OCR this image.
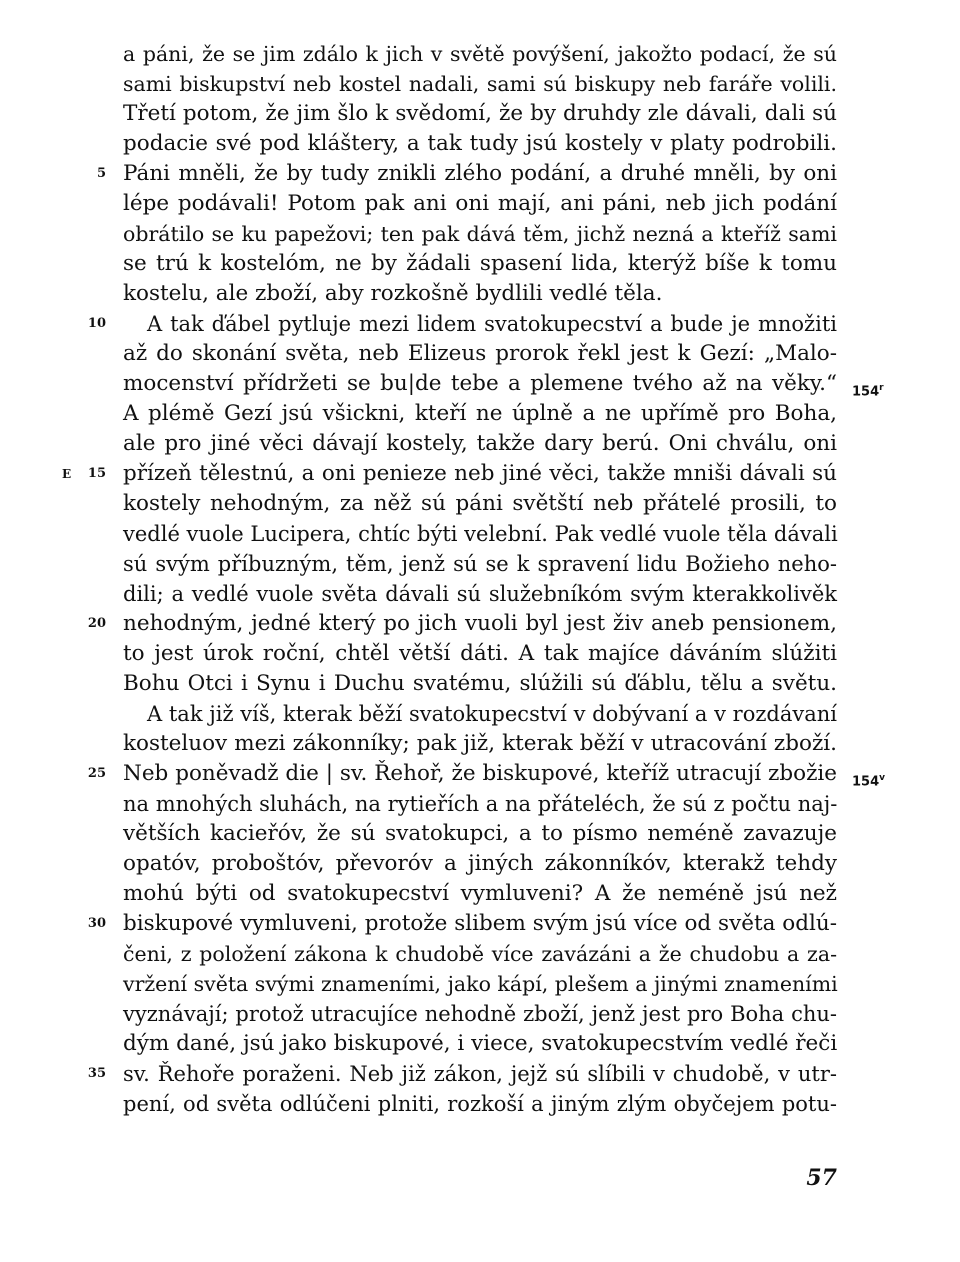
a páni, že se jim zdálo k jich v světě povýšení, jakožto podací, že sú
sami biskupství neb kostel nadali, sami sú biskupy neb faráře volili.
Třetí potom, že jim šlo k svědomí, že by druhdy zle dávali, dali sú
podacie své pod kláštery, a tak tudy jsú kostely v platy podrobili.
Páni mněli, že by tudy znikli zlého podání, a druhé mněli, by oni
lépe podávali! Potom pak ani oni mají, ani páni, neb jich podání
obrátilo se ku papežovi; ten pak dává těm, jichž nezná a kteříž sami
se trú k kostelóm, ne by žádali spasení lida, kterýž bíše k tomu
kostelu, ale zboží, aby rozkošně bydlili vedlé těla.
A tak ďábel pytluje mezi lidem svatokupecství a bude je množiti
až do skonání světa, neb Elizeus prorok řekl jest k Gezí: „Malo-
mocenství přídržeti se bu|de tebe a plemene tvého až na věky.“
A plémě Gezí jsú všickni, kteří ne úplně a ne upřímě pro Boha,
ale pro jiné věci dávají kostely, takže dary berú. Oni chválu, oni
přízeň tělestnú, a oni penieze neb jiné věci, takže mniši dávali sú
kostely nehodným, za něž sú páni světští neb přátelé prosili, to
vedlé vuole Lucipera, chtíc býti velební. Pak vedlé vuole těla dávali
sú svým příbuzným, těm, jenž sú se k spravení lidu Božieho neho-
dili; a vedlé vuole světa dávali sú služebníkóm svým kterakkolivěk
nehodným, jedné který po jich vuoli byl jest živ aneb pensionem,
to jest úrok roční, chtěl větší dáti. A tak majíce dáváním slúžiti
Bohu Otci i Synu i Duchu svatému, slúžili sú ďáblu, tělu a světu.
A tak již víš, kterak běží svatokupecství v dobývaní a v rozdávaní
kosteluov mezi zákonníky; pak již, kterak běží v utracování zboží.
Neb poněvadž die | sv. Řehoř, že biskupové, kteříž utracují zbožie
na mnohých sluhách, na rytieřích a na přáteléch, že sú z počtu naj-
větších kacieřóv, že sú svatokupci, a to písmo neméně zavazuje
opatóv, proboštóv, převoróv a jiných zákonníkóv, kterakž tehdy
mohú býti od svatokupecství vymluveni? A že neméně jsú než
biskupové vymluveni, protože slibem svým jsú více od světa odlú-
čeni, z položení zákona k chudobě více zavázáni a že chudobu a za-
vržení světa svými znameními, jako kápí, plešem a jinými znameními
vyznávají; protož utracujíce nehodně zboží, jenž jest pro Boha chu-
dým dané, jsú jako biskupové, i viece, svatokupecstvím vedlé řeči
sv. Řehoře poraženi. Neb již zákon, jejž sú slíbili v chudobě, v utr-
pení, od světa odlúčeni plniti, rozkoší a jiným zlým obyčejem potu-
5
10
E	15
20
25
30
35
154$^r$
154$^v$
57
